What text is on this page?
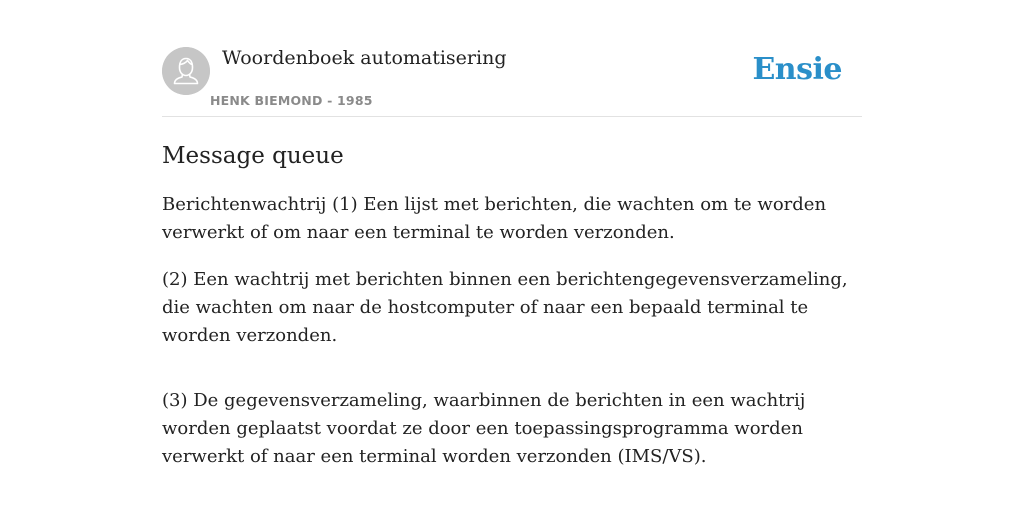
Woordenboek automatisering
HENK BIEMOND - 1985
Ensie
Message queue

Berichtenwachtrij (1) Een lijst met berichten, die wachten om te worden verwerkt of om naar een terminal te worden verzonden.

(2) Een wachtrij met berichten binnen een berichtengegevensverzameling, die wachten om naar de hostcomputer of naar een bepaald terminal te worden verzonden.

(3) De gegevensverzameling, waarbinnen de berichten in een wachtrij worden geplaatst voordat ze door een toepassingsprogramma worden verwerkt of naar een terminal worden verzonden (IMS/VS).
